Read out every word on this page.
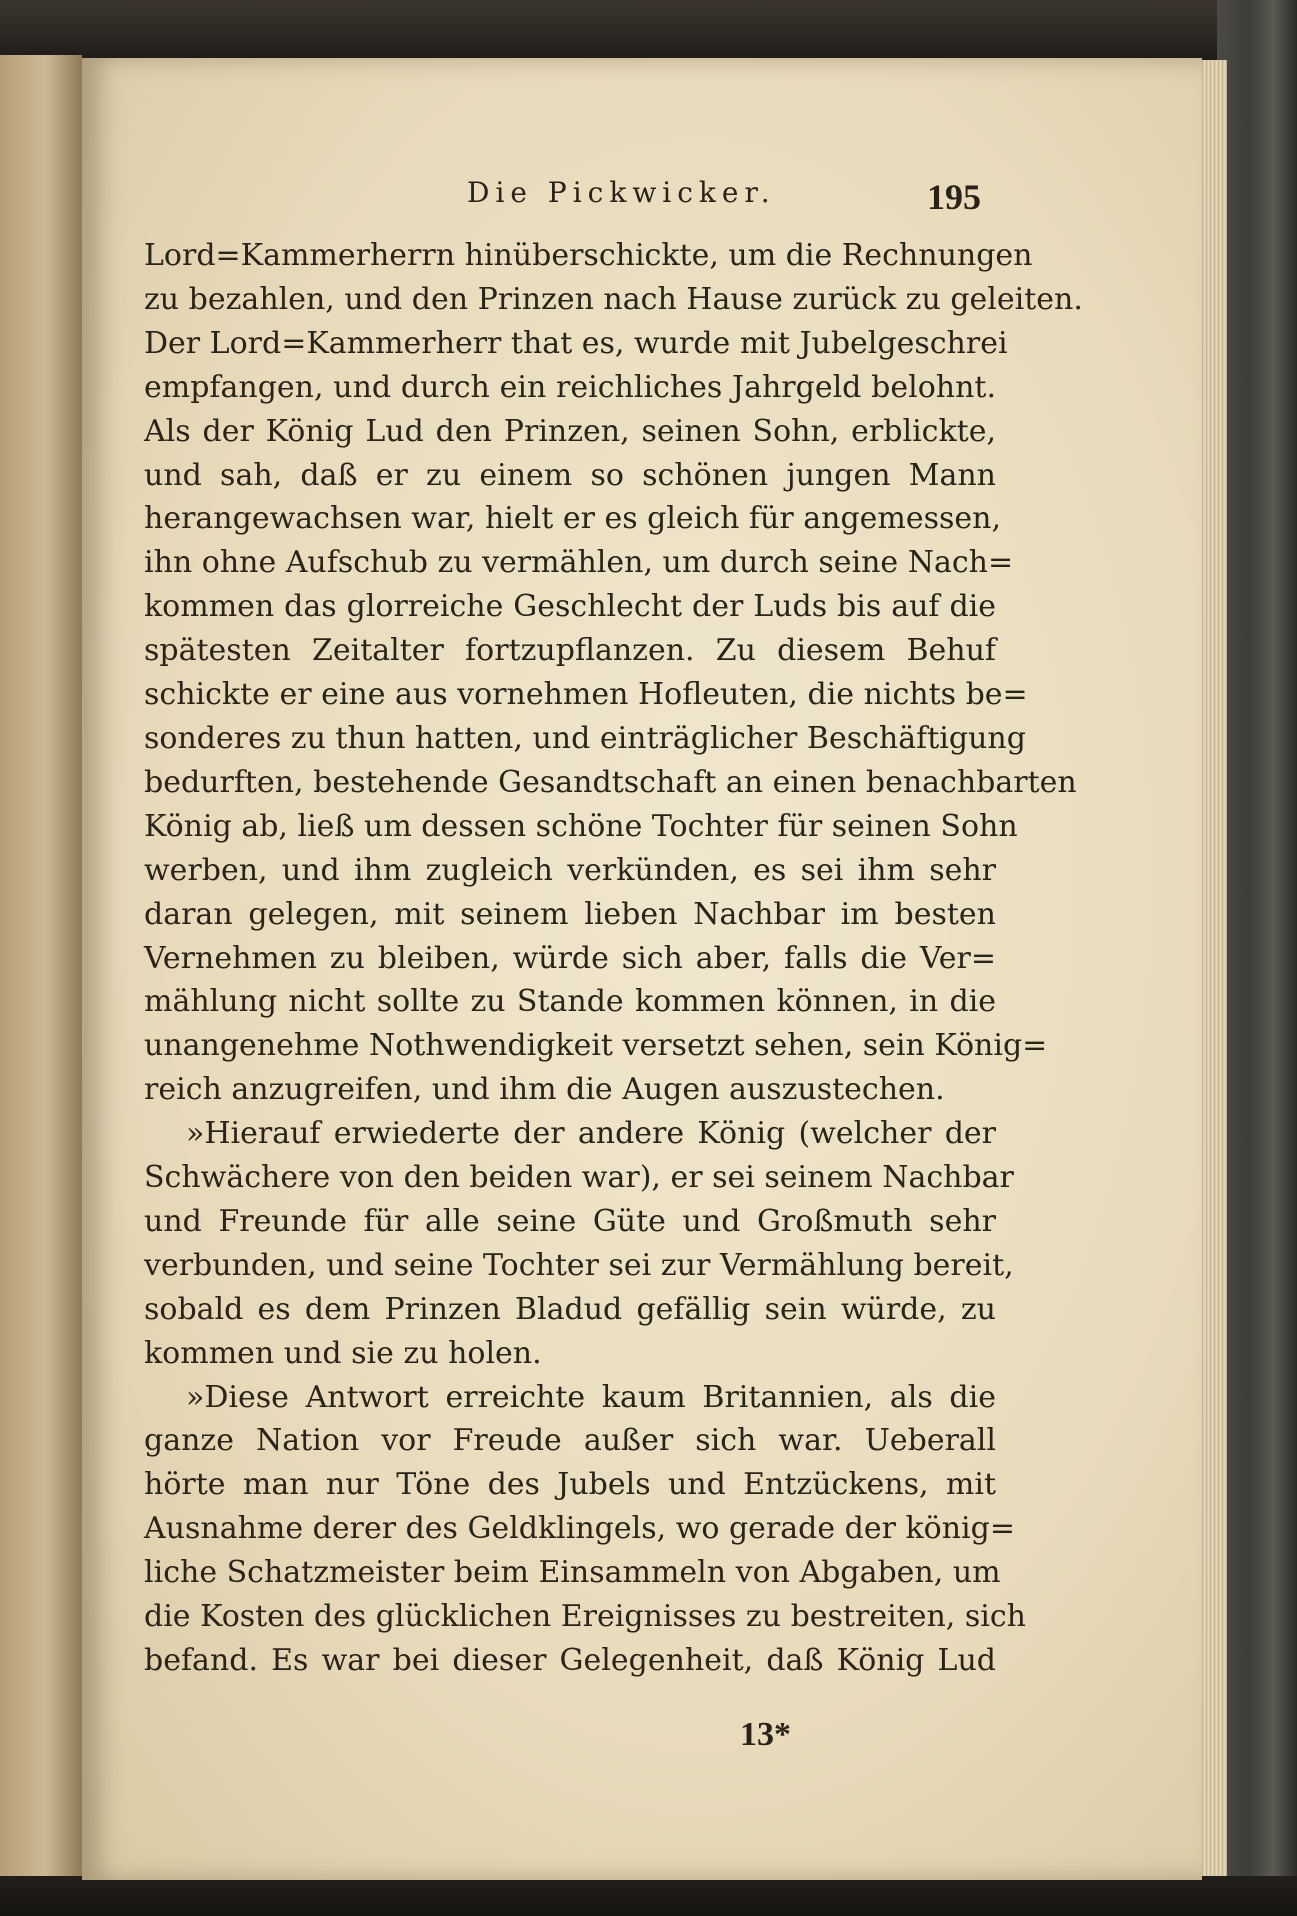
Die Pickwicker.	195
Lord=Kammerherrn hinüberschickte, um die Rechnungen
zu bezahlen, und den Prinzen nach Hause zurück zu geleiten.
Der Lord=Kammerherr that es, wurde mit Jubelgeschrei
empfangen, und durch ein reichliches Jahrgeld belohnt.
Als der König Lud den Prinzen, seinen Sohn, erblickte,
und sah, daß er zu einem so schönen jungen Mann
herangewachsen war, hielt er es gleich für angemessen,
ihn ohne Aufschub zu vermählen, um durch seine Nach=
kommen das glorreiche Geschlecht der Luds bis auf die
spätesten Zeitalter fortzupflanzen. Zu diesem Behuf
schickte er eine aus vornehmen Hofleuten, die nichts be=
sonderes zu thun hatten, und einträglicher Beschäftigung
bedurften, bestehende Gesandtschaft an einen benachbarten
König ab, ließ um dessen schöne Tochter für seinen Sohn
werben, und ihm zugleich verkünden, es sei ihm sehr
daran gelegen, mit seinem lieben Nachbar im besten
Vernehmen zu bleiben, würde sich aber, falls die Ver=
mählung nicht sollte zu Stande kommen können, in die
unangenehme Nothwendigkeit versetzt sehen, sein König=
reich anzugreifen, und ihm die Augen auszustechen.
»Hierauf erwiederte der andere König (welcher der
Schwächere von den beiden war), er sei seinem Nachbar
und Freunde für alle seine Güte und Großmuth sehr
verbunden, und seine Tochter sei zur Vermählung bereit,
sobald es dem Prinzen Bladud gefällig sein würde, zu
kommen und sie zu holen.
»Diese Antwort erreichte kaum Britannien, als die
ganze Nation vor Freude außer sich war. Ueberall
hörte man nur Töne des Jubels und Entzückens, mit
Ausnahme derer des Geldklingels, wo gerade der könig=
liche Schatzmeister beim Einsammeln von Abgaben, um
die Kosten des glücklichen Ereignisses zu bestreiten, sich
befand. Es war bei dieser Gelegenheit, daß König Lud
13*
